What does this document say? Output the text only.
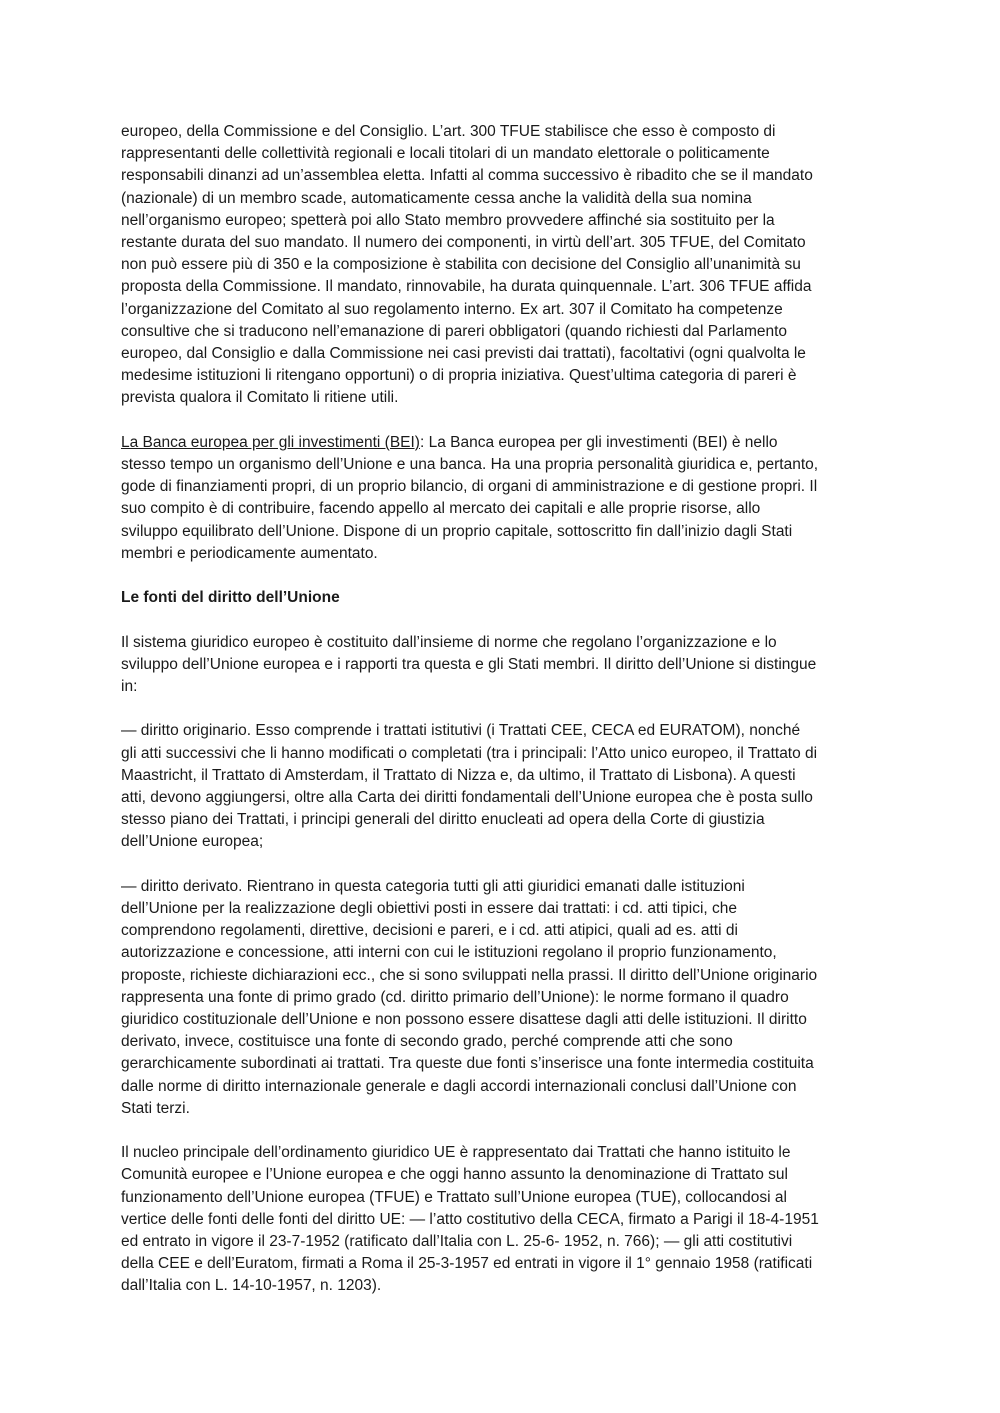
europeo, della Commissione e del Consiglio. L’art. 300 TFUE stabilisce che esso è composto di
rappresentanti delle collettività regionali e locali titolari di un mandato elettorale o politicamente
responsabili dinanzi ad un’assemblea eletta. Infatti al comma successivo è ribadito che se il mandato
(nazionale) di un membro scade, automaticamente cessa anche la validità della sua nomina
nell’organismo europeo; spetterà poi allo Stato membro provvedere affinché sia sostituito per la
restante durata del suo mandato. Il numero dei componenti, in virtù dell’art. 305 TFUE, del Comitato
non può essere più di 350 e la composizione è stabilita con decisione del Consiglio all’unanimità su
proposta della Commissione. Il mandato, rinnovabile, ha durata quinquennale. L’art. 306 TFUE affida
l’organizzazione del Comitato al suo regolamento interno. Ex art. 307 il Comitato ha competenze
consultive che si traducono nell’emanazione di pareri obbligatori (quando richiesti dal Parlamento
europeo, dal Consiglio e dalla Commissione nei casi previsti dai trattati), facoltativi (ogni qualvolta le
medesime istituzioni li ritengano opportuni) o di propria iniziativa. Quest’ultima categoria di pareri è
prevista qualora il Comitato li ritiene utili.

La Banca europea per gli investimenti (BEI): La Banca europea per gli investimenti (BEI) è nello
stesso tempo un organismo dell’Unione e una banca. Ha una propria personalità giuridica e, pertanto,
gode di finanziamenti propri, di un proprio bilancio, di organi di amministrazione e di gestione propri. Il
suo compito è di contribuire, facendo appello al mercato dei capitali e alle proprie risorse, allo
sviluppo equilibrato dell’Unione. Dispone di un proprio capitale, sottoscritto fin dall’inizio dagli Stati
membri e periodicamente aumentato.

Le fonti del diritto dell’Unione

Il sistema giuridico europeo è costituito dall’insieme di norme che regolano l’organizzazione e lo
sviluppo dell’Unione europea e i rapporti tra questa e gli Stati membri. Il diritto dell’Unione si distingue
in:

— diritto originario. Esso comprende i trattati istitutivi (i Trattati CEE, CECA ed EURATOM), nonché
gli atti successivi che li hanno modificati o completati (tra i principali: l’Atto unico europeo, il Trattato di
Maastricht, il Trattato di Amsterdam, il Trattato di Nizza e, da ultimo, il Trattato di Lisbona). A questi
atti, devono aggiungersi, oltre alla Carta dei diritti fondamentali dell’Unione europea che è posta sullo
stesso piano dei Trattati, i principi generali del diritto enucleati ad opera della Corte di giustizia
dell’Unione europea;

— diritto derivato. Rientrano in questa categoria tutti gli atti giuridici emanati dalle istituzioni
dell’Unione per la realizzazione degli obiettivi posti in essere dai trattati: i cd. atti tipici, che
comprendono regolamenti, direttive, decisioni e pareri, e i cd. atti atipici, quali ad es. atti di
autorizzazione e concessione, atti interni con cui le istituzioni regolano il proprio funzionamento,
proposte, richieste dichiarazioni ecc., che si sono sviluppati nella prassi. Il diritto dell’Unione originario
rappresenta una fonte di primo grado (cd. diritto primario dell’Unione): le norme formano il quadro
giuridico costituzionale dell’Unione e non possono essere disattese dagli atti delle istituzioni. Il diritto
derivato, invece, costituisce una fonte di secondo grado, perché comprende atti che sono
gerarchicamente subordinati ai trattati. Tra queste due fonti s’inserisce una fonte intermedia costituita
dalle norme di diritto internazionale generale e dagli accordi internazionali conclusi dall’Unione con
Stati terzi.

Il nucleo principale dell’ordinamento giuridico UE è rappresentato dai Trattati che hanno istituito le
Comunità europee e l’Unione europea e che oggi hanno assunto la denominazione di Trattato sul
funzionamento dell’Unione europea (TFUE) e Trattato sull’Unione europea (TUE), collocandosi al
vertice delle fonti delle fonti del diritto UE: — l’atto costitutivo della CECA, firmato a Parigi il 18-4-1951
ed entrato in vigore il 23-7-1952 (ratificato dall’Italia con L. 25-6- 1952, n. 766); — gli atti costitutivi
della CEE e dell’Euratom, firmati a Roma il 25-3-1957 ed entrati in vigore il 1° gennaio 1958 (ratificati
dall’Italia con L. 14-10-1957, n. 1203).
